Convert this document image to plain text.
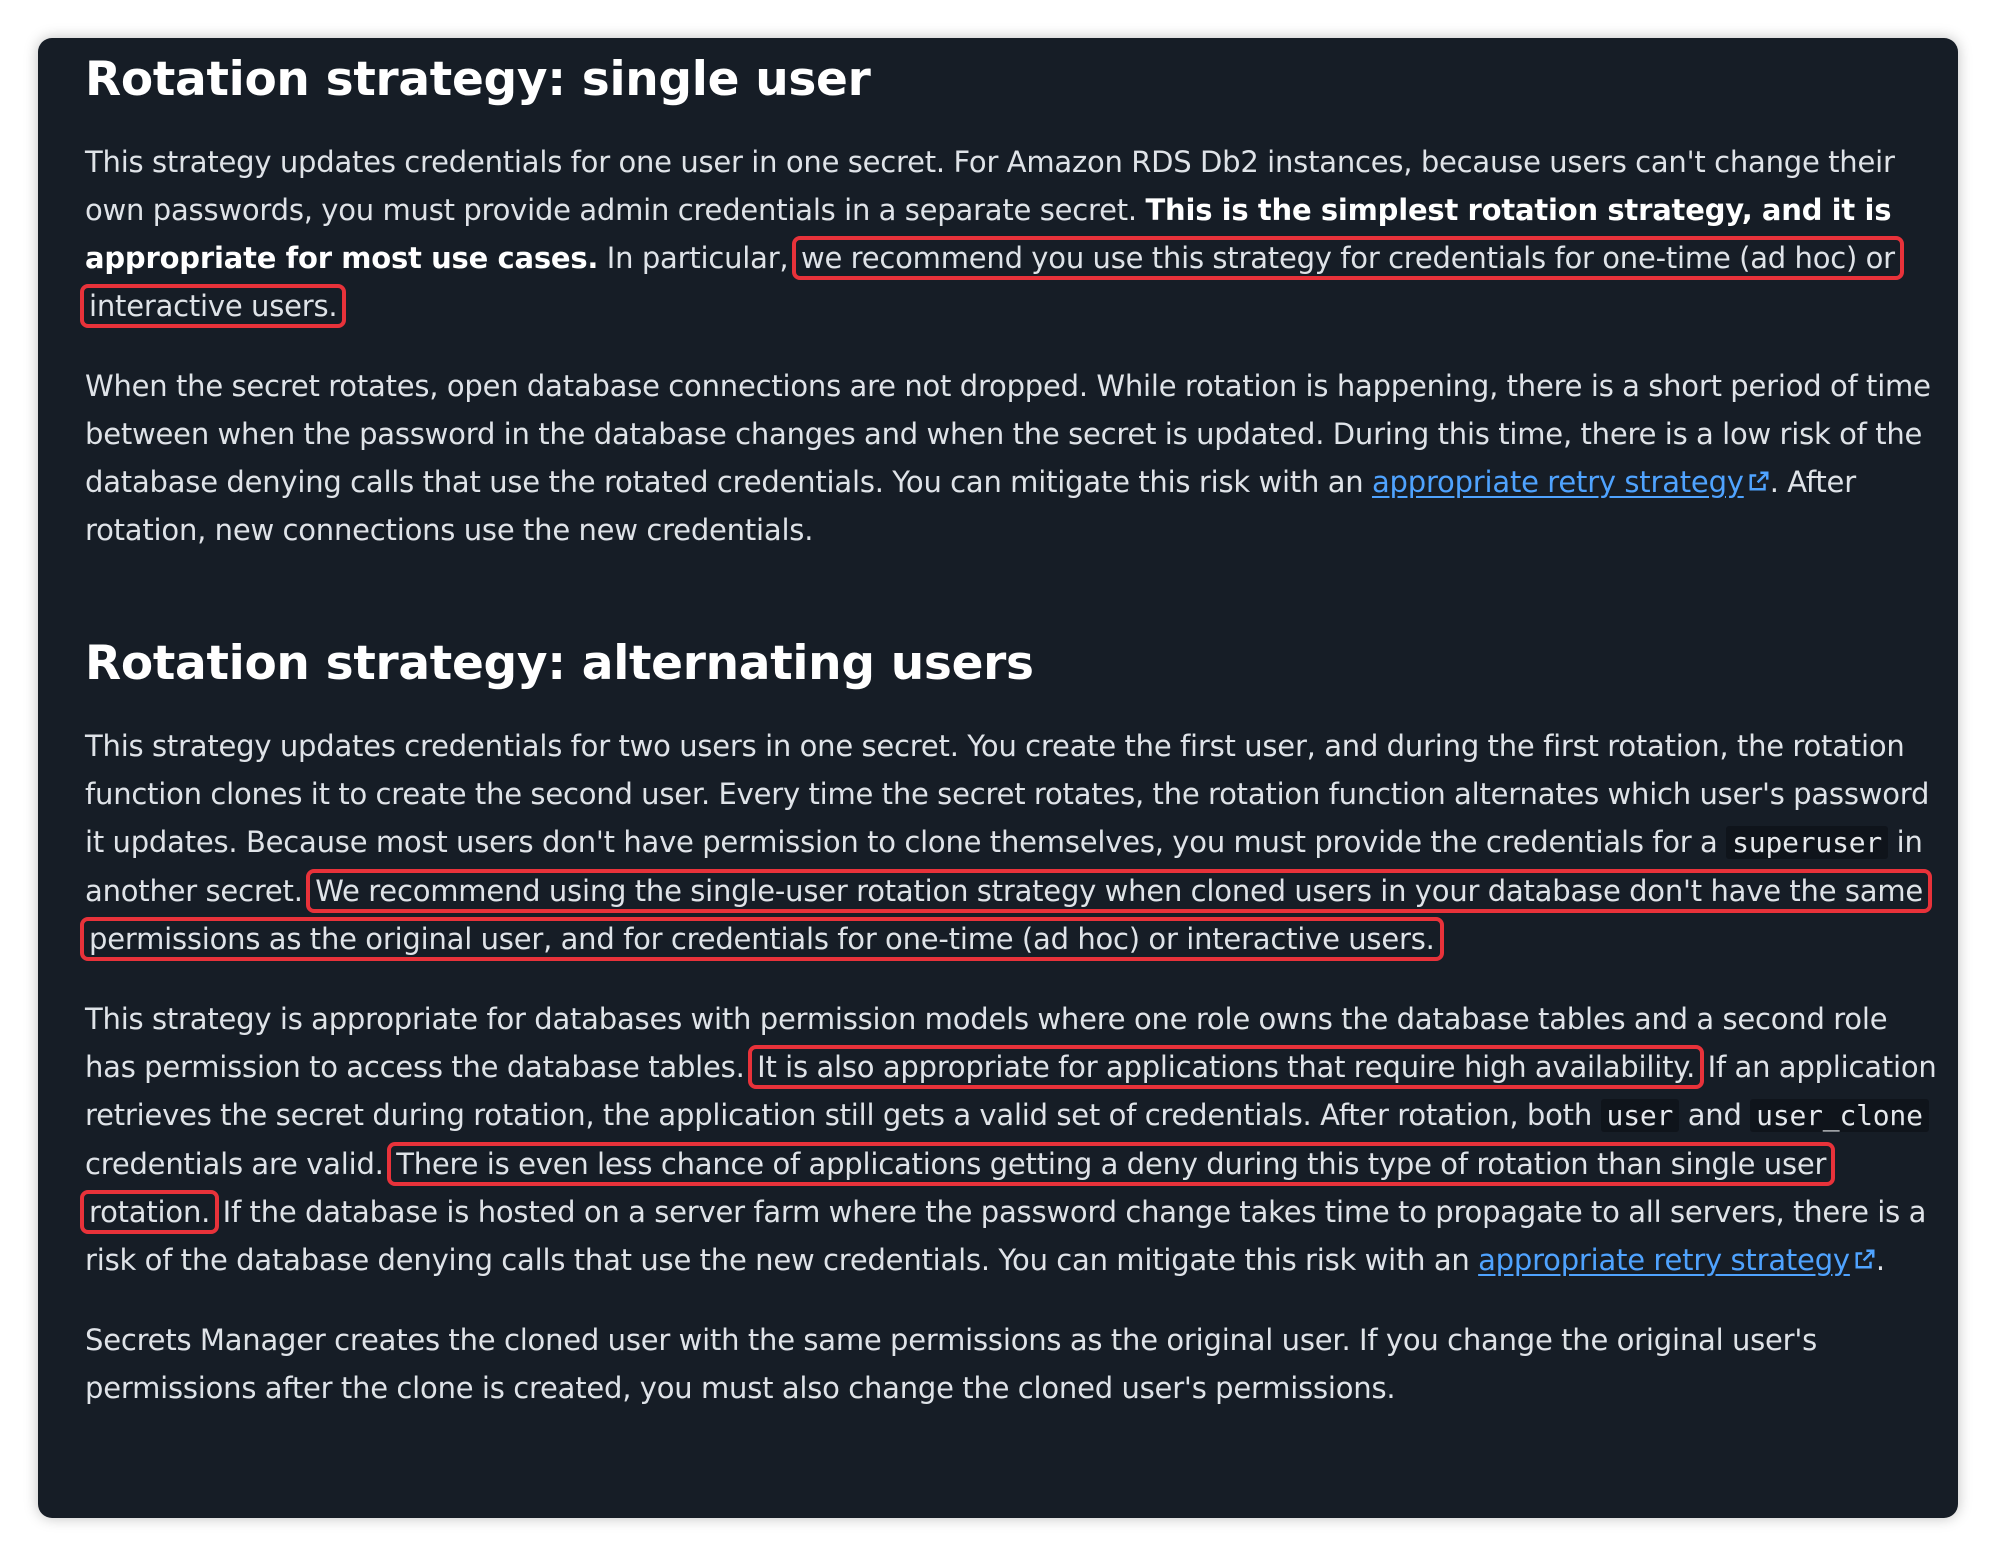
Rotation strategy: single user

This strategy updates credentials for one user in one secret. For Amazon RDS Db2 instances, because users can't change their own passwords, you must provide admin credentials in a separate secret. This is the simplest rotation strategy, and it is appropriate for most use cases. In particular, we recommend you use this strategy for credentials for one-time (ad hoc) or interactive users.

When the secret rotates, open database connections are not dropped. While rotation is happening, there is a short period of time between when the password in the database changes and when the secret is updated. During this time, there is a low risk of the database denying calls that use the rotated credentials. You can mitigate this risk with an appropriate retry strategy . After rotation, new connections use the new credentials.

Rotation strategy: alternating users

This strategy updates credentials for two users in one secret. You create the first user, and during the first rotation, the rotation function clones it to create the second user. Every time the secret rotates, the rotation function alternates which user's password it updates. Because most users don't have permission to clone themselves, you must provide the credentials for a superuser in another secret. We recommend using the single-user rotation strategy when cloned users in your database don't have the same permissions as the original user, and for credentials for one-time (ad hoc) or interactive users.

This strategy is appropriate for databases with permission models where one role owns the database tables and a second role has permission to access the database tables. It is also appropriate for applications that require high availability. If an application retrieves the secret during rotation, the application still gets a valid set of credentials. After rotation, both user and user_clone credentials are valid. There is even less chance of applications getting a deny during this type of rotation than single user rotation. If the database is hosted on a server farm where the password change takes time to propagate to all servers, there is a risk of the database denying calls that use the new credentials. You can mitigate this risk with an appropriate retry strategy .

Secrets Manager creates the cloned user with the same permissions as the original user. If you change the original user's permissions after the clone is created, you must also change the cloned user's permissions.
